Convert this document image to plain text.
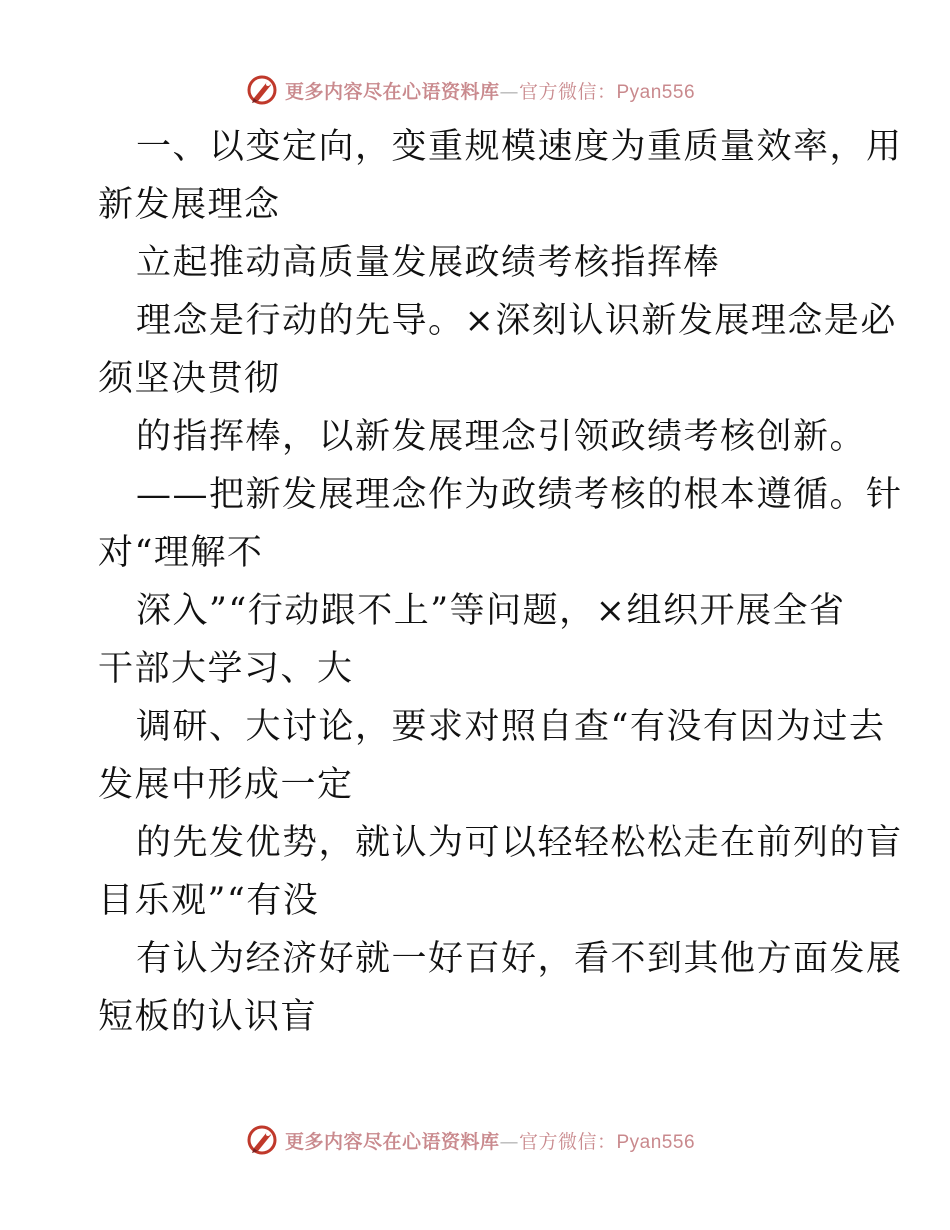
更多内容尽在心语资料库—官方微信：Pyan556

一、以变定向，变重规模速度为重质量效率，用

新发展理念

立起推动高质量发展政绩考核指挥棒

理念是行动的先导。×深刻认识新发展理念是必

须坚决贯彻

的指挥棒，以新发展理念引领政绩考核创新。

——把新发展理念作为政绩考核的根本遵循。针

对“理解不

深入”“行动跟不上”等问题，×组织开展全省

干部大学习、大

调研、大讨论，要求对照自查“有没有因为过去

发展中形成一定

的先发优势，就认为可以轻轻松松走在前列的盲

目乐观”“有没

有认为经济好就一好百好，看不到其他方面发展

短板的认识盲

更多内容尽在心语资料库—官方微信：Pyan556
